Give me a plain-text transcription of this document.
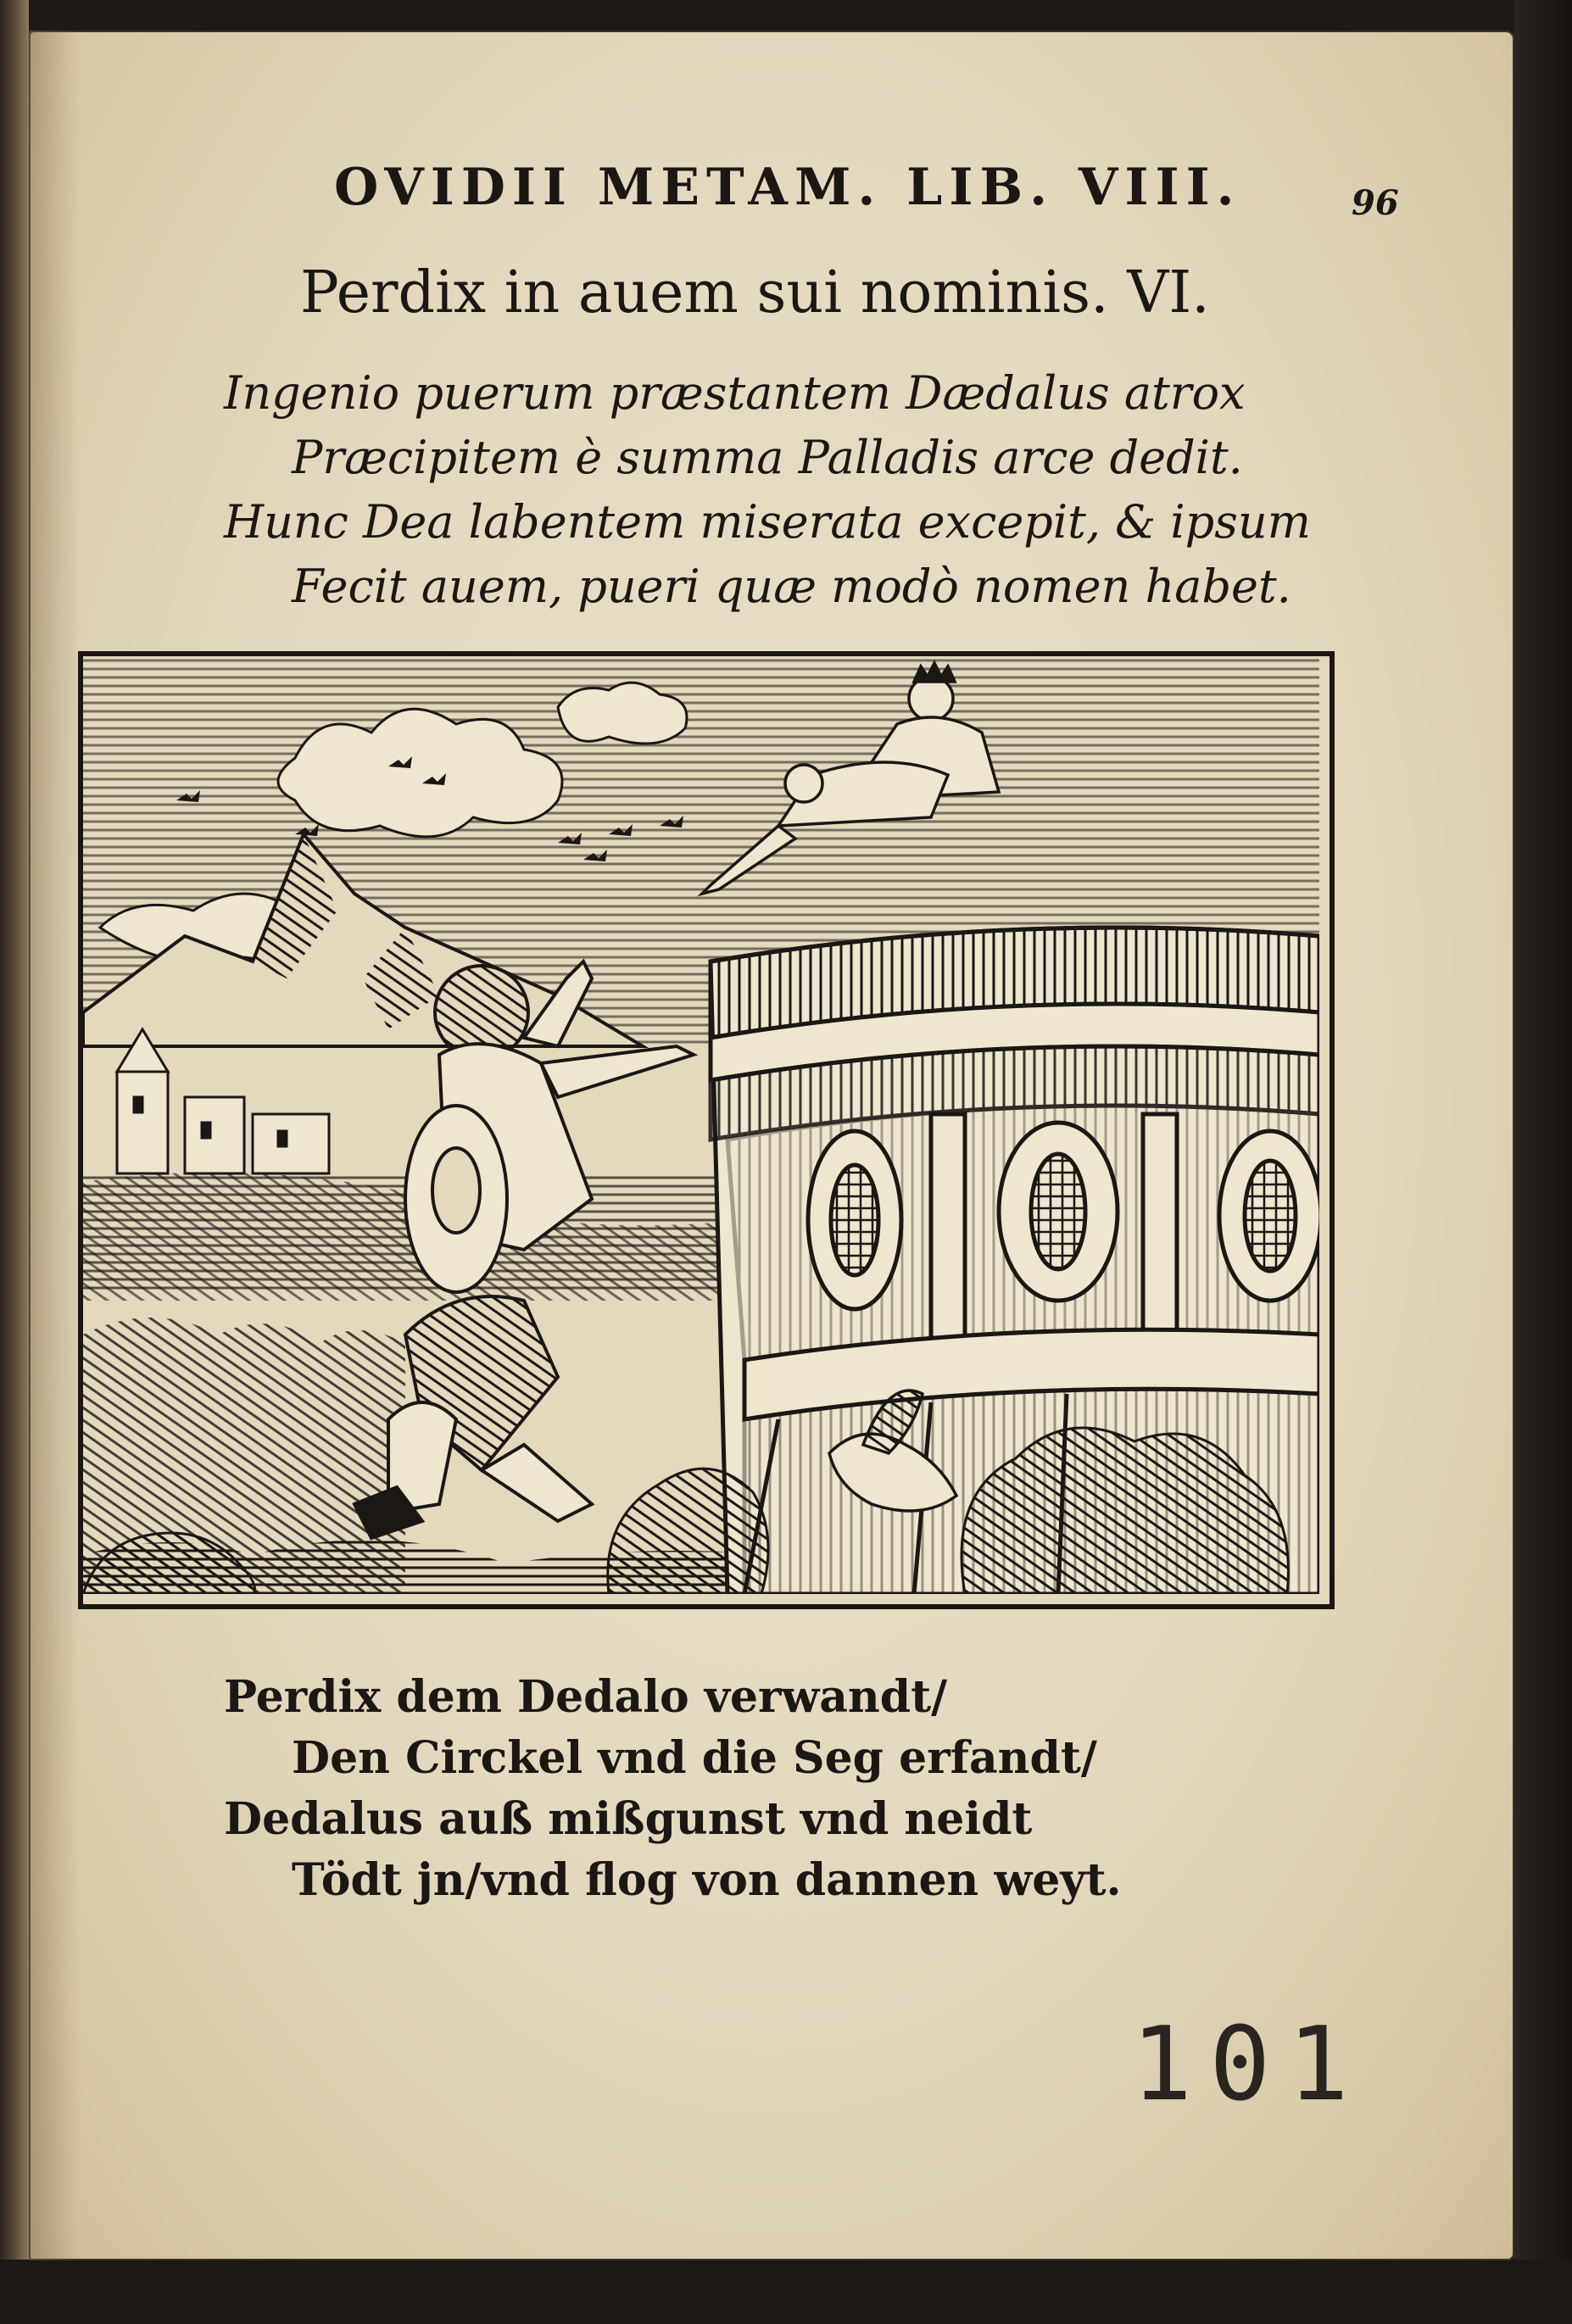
OVIDII METAM. LIB. VIII.	96
Perdix in auem sui nominis. VI.
Ingenio puerum præstantem Dædalus atrox
Præcipitem è summa Palladis arce dedit.
Hunc Dea labentem miserata excepit, & ipsum
Fecit auem, pueri quæ modò nomen habet.
Perdix dem Dedalo verwandt/
Den Circkel vnd die Seg erfandt/
Dedalus auß mißgunst vnd neidt
Tödt jn/vnd flog von dannen weyt.
101
